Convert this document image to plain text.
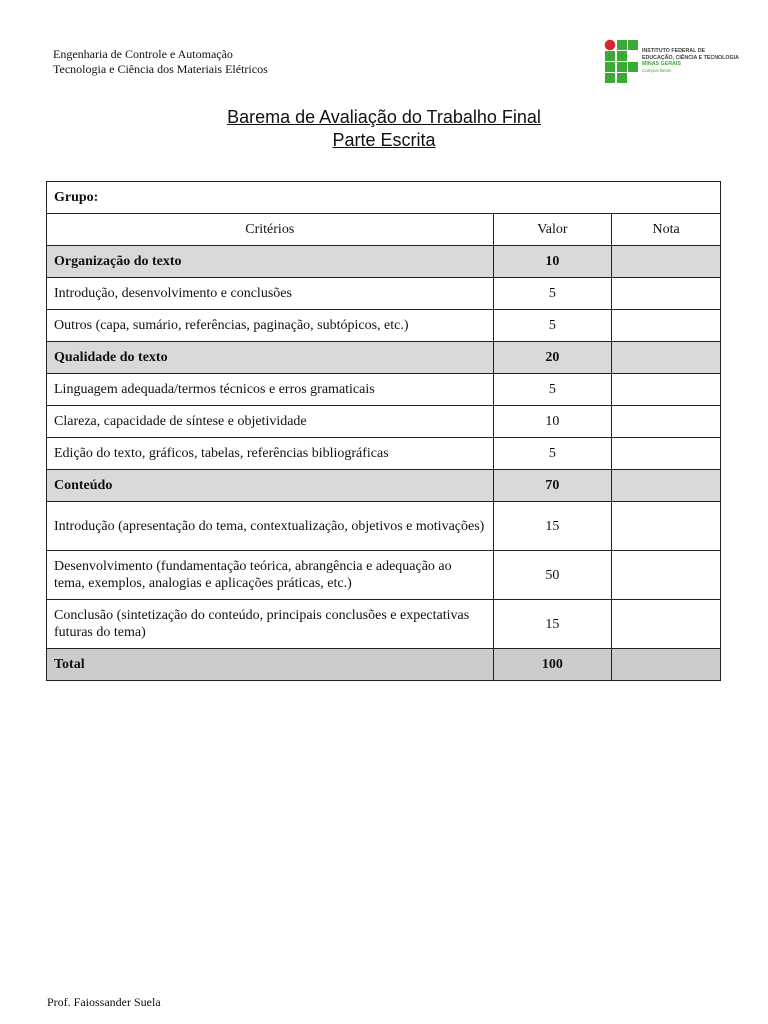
Engenharia de Controle e Automação
Tecnologia e Ciência dos Materiais Elétricos
INSTITUTO FEDERAL DE
EDUCAÇÃO, CIÊNCIA E TECNOLOGIA
MINAS GERAIS
Campus Betim
Barema de Avaliação do Trabalho Final
Parte Escrita
Grupo:		
Critérios	Valor	Nota
Organização do texto	10	
Introdução, desenvolvimento e conclusões	5	
Outros (capa, sumário, referências, paginação, subtópicos, etc.)	5	
Qualidade do texto	20	
Linguagem adequada/termos técnicos e erros gramaticais	5	
Clareza, capacidade de síntese e objetividade	10	
Edição do texto, gráficos, tabelas, referências bibliográficas	5	
Conteúdo	70	
Introdução (apresentação do tema, contextualização, objetivos e motivações)	15	
Desenvolvimento (fundamentação teórica, abrangência e adequação ao tema, exemplos, analogias e aplicações práticas, etc.)	50	
Conclusão (sintetização do conteúdo, principais conclusões e expectativas futuras do tema)	15	
Total	100	
Prof. Faiossander Suela
